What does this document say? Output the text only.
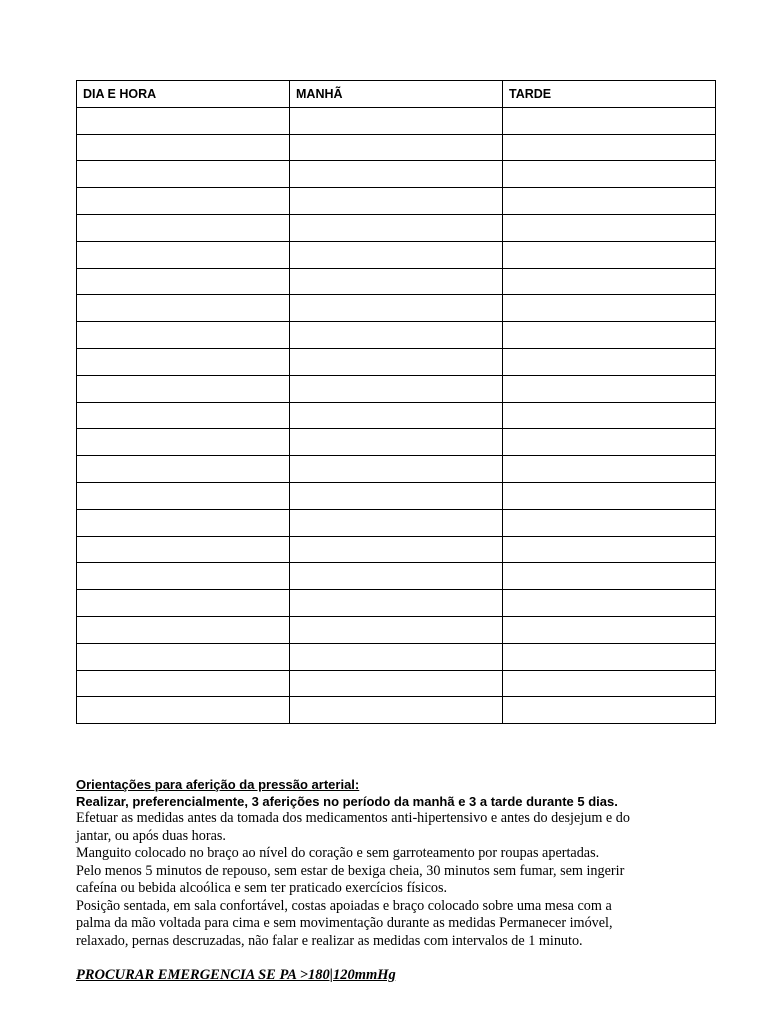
DIA E HORA	MANHÃ	TARDE

Orientações para aferição da pressão arterial:

Realizar, preferencialmente, 3 aferições no período da manhã e 3 a tarde durante 5 dias.

Efetuar as medidas antes da tomada dos medicamentos anti-hipertensivo e antes do desjejum e do

jantar, ou após duas horas.

Manguito colocado no braço ao nível do coração e sem garroteamento por roupas apertadas.

Pelo menos 5 minutos de repouso, sem estar de bexiga cheia, 30 minutos sem fumar, sem ingerir

cafeína ou bebida alcoólica e sem ter praticado exercícios físicos.

Posição sentada, em sala confortável, costas apoiadas e braço colocado sobre uma mesa com a

palma da mão voltada para cima e sem movimentação durante as medidas Permanecer imóvel,

relaxado, pernas descruzadas, não falar e realizar as medidas com intervalos de 1 minuto.

PROCURAR EMERGENCIA SE PA >180|120mmHg
